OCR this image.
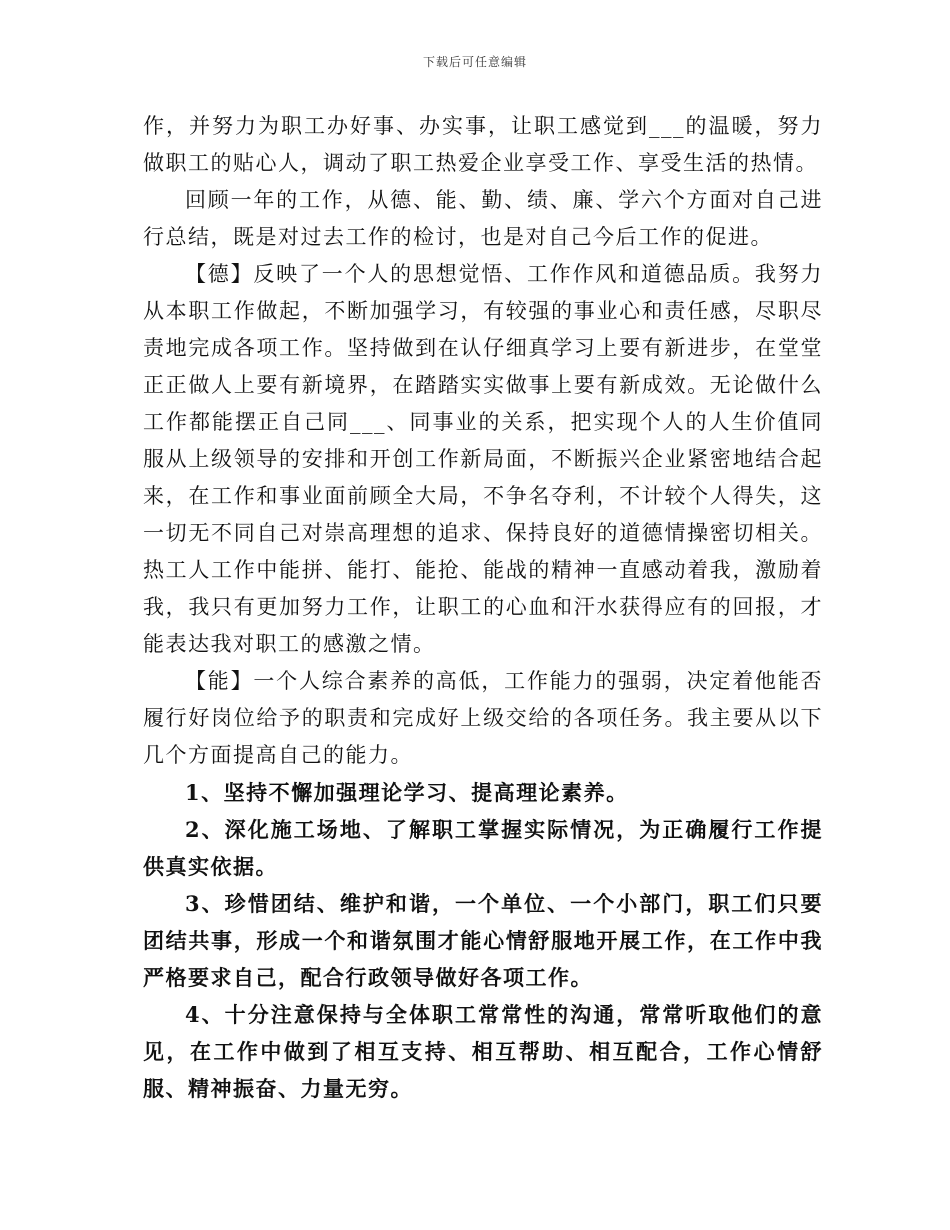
下载后可任意编辑

作，并努力为职工办好事、办实事，让职工感觉到___的温暖，努力做职工的贴心人，调动了职工热爱企业享受工作、享受生活的热情。

回顾一年的工作，从德、能、勤、绩、廉、学六个方面对自己进行总结，既是对过去工作的检讨，也是对自己今后工作的促进。

【德】反映了一个人的思想觉悟、工作作风和道德品质。我努力从本职工作做起，不断加强学习，有较强的事业心和责任感，尽职尽责地完成各项工作。坚持做到在认仔细真学习上要有新进步，在堂堂正正做人上要有新境界，在踏踏实实做事上要有新成效。无论做什么工作都能摆正自己同___、同事业的关系，把实现个人的人生价值同服从上级领导的安排和开创工作新局面，不断振兴企业紧密地结合起来，在工作和事业面前顾全大局，不争名夺利，不计较个人得失，这一切无不同自己对崇高理想的追求、保持良好的道德情操密切相关。热工人工作中能拼、能打、能抢、能战的精神一直感动着我，激励着我，我只有更加努力工作，让职工的心血和汗水获得应有的回报，才能表达我对职工的感激之情。

【能】一个人综合素养的高低，工作能力的强弱，决定着他能否履行好岗位给予的职责和完成好上级交给的各项任务。我主要从以下几个方面提高自己的能力。

1、坚持不懈加强理论学习、提高理论素养。

2、深化施工场地、了解职工掌握实际情况，为正确履行工作提供真实依据。

3、珍惜团结、维护和谐，一个单位、一个小部门，职工们只要团结共事，形成一个和谐氛围才能心情舒服地开展工作，在工作中我严格要求自己，配合行政领导做好各项工作。

4、十分注意保持与全体职工常常性的沟通，常常听取他们的意见，在工作中做到了相互支持、相互帮助、相互配合，工作心情舒服、精神振奋、力量无穷。
